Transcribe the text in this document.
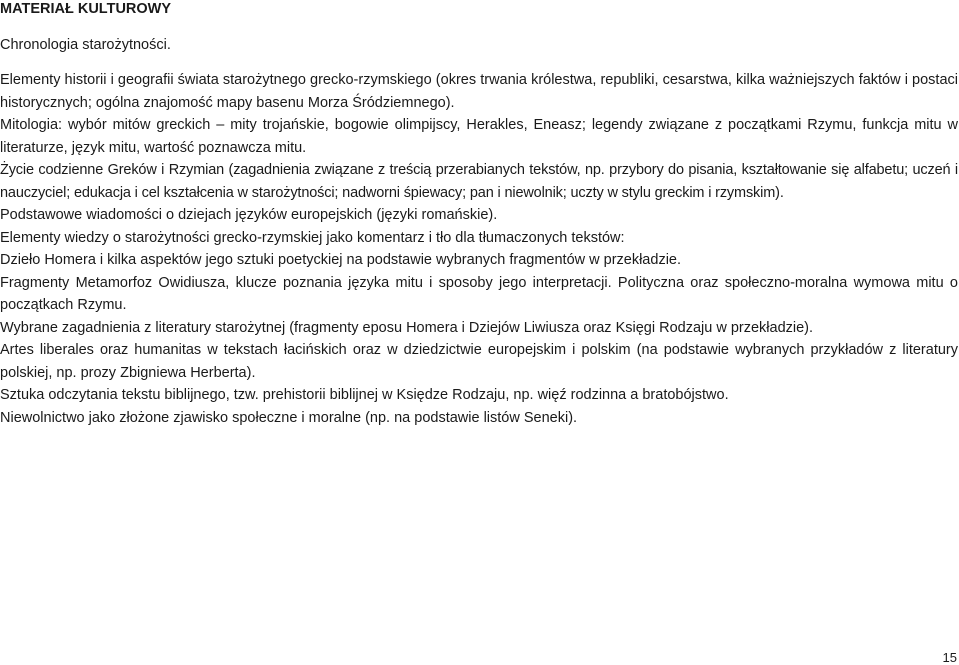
MATERIAŁ KULTUROWY
Chronologia starożytności.

Elementy historii i geografii świata starożytnego grecko-rzymskiego (okres trwania królestwa, republiki, cesarstwa, kilka ważniejszych faktów i postaci historycznych; ogólna znajomość mapy basenu Morza Śródziemnego).

Mitologia: wybór mitów greckich – mity trojańskie, bogowie olimpijscy, Herakles, Eneasz; legendy związane z początkami Rzymu, funkcja mitu w literaturze, język mitu, wartość poznawcza mitu.

Życie codzienne Greków i Rzymian (zagadnienia związane z treścią przerabianych tekstów, np. przybory do pisania, kształtowanie się alfabetu; uczeń i nauczyciel; edukacja i cel kształcenia w starożytności; nadworni śpiewacy; pan i niewolnik; uczty w stylu greckim i rzymskim).

Podstawowe wiadomości o dziejach języków europejskich (języki romańskie).

Elementy wiedzy o starożytności grecko-rzymskiej jako komentarz i tło dla tłumaczonych tekstów:

Dzieło Homera i kilka aspektów jego sztuki poetyckiej na podstawie wybranych fragmentów w przekładzie.

Fragmenty Metamorfoz Owidiusza, klucze poznania języka mitu i sposoby jego interpretacji. Polityczna oraz społeczno-moralna wymowa mitu o początkach Rzymu.

Wybrane zagadnienia z literatury starożytnej (fragmenty eposu Homera i Dziejów Liwiusza oraz Księgi Rodzaju w przekładzie).

Artes liberales oraz humanitas w tekstach łacińskich oraz w dziedzictwie europejskim i polskim (na podstawie wybranych przykładów z literatury polskiej, np. prozy Zbigniewa Herberta).

Sztuka odczytania tekstu biblijnego, tzw. prehistorii biblijnej w Księdze Rodzaju, np. więź rodzinna a bratobójstwo.

Niewolnictwo jako złożone zjawisko społeczne i moralne (np. na podstawie listów Seneki).

15
